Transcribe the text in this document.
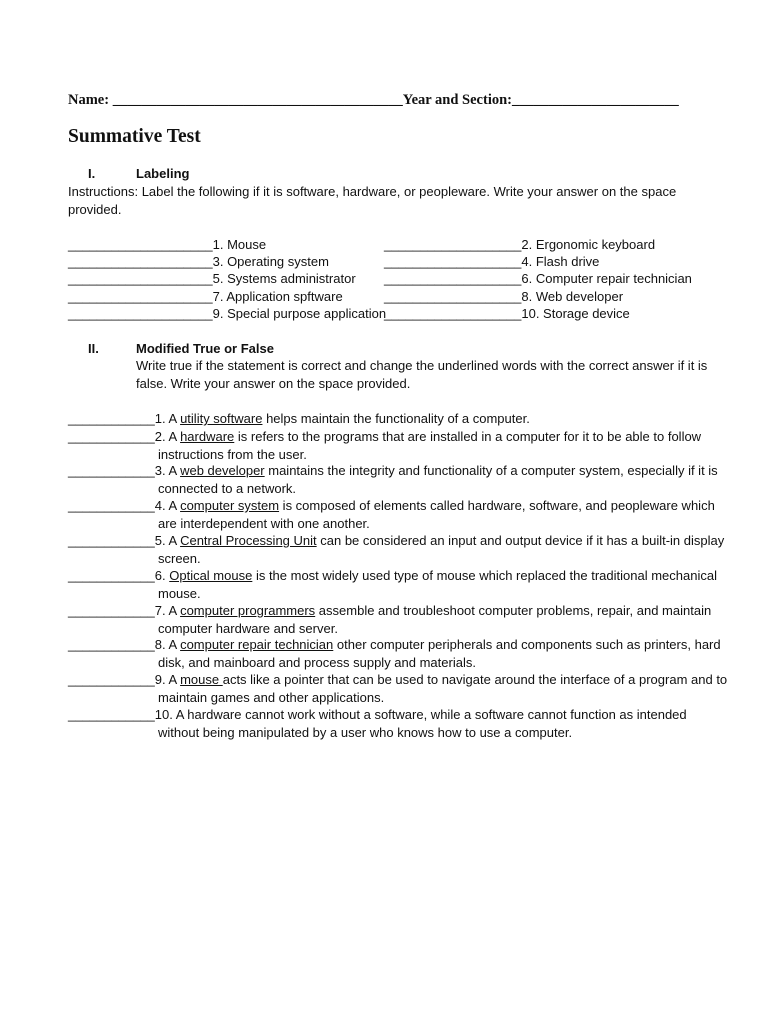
Name: ________________________________________Year and Section:_______________________
Summative Test
I.	Labeling
Instructions: Label the following if it is software, hardware, or peopleware. Write your answer on the space provided.
____________________1. Mouse
____________________3. Operating system
____________________5. Systems administrator
____________________7. Application spftware
____________________9. Special purpose application
___________________2. Ergonomic keyboard
___________________4. Flash drive
___________________6. Computer repair technician
___________________8. Web developer
___________________10. Storage device
II.	Modified True or False
Write true if the statement is correct and change the underlined words with the correct answer if it is false. Write your answer on the space provided.
____________1. A utility software helps maintain the functionality of a computer.
____________2. A hardware is refers to the programs that are installed in a computer for it to be able to follow
instructions from the user.
____________3. A web developer maintains the integrity and functionality of a computer system, especially if it is
connected to a network.
____________4. A computer system is composed of elements called hardware, software, and peopleware which
are interdependent with one another.
____________5. A Central Processing Unit can be considered an input and output device if it has a built-in display
screen.
____________6. Optical mouse is the most widely used type of mouse which replaced the traditional mechanical
mouse.
____________7. A computer programmers assemble and troubleshoot computer problems, repair, and maintain
computer hardware and server.
____________8. A computer repair technician other computer peripherals and components such as printers, hard
disk, and mainboard and process supply and materials.
____________9. A mouse acts like a pointer that can be used to navigate around the interface of a program and to
maintain games and other applications.
____________10. A hardware cannot work without a software, while a software cannot function as intended
without being manipulated by a user who knows how to use a computer.
